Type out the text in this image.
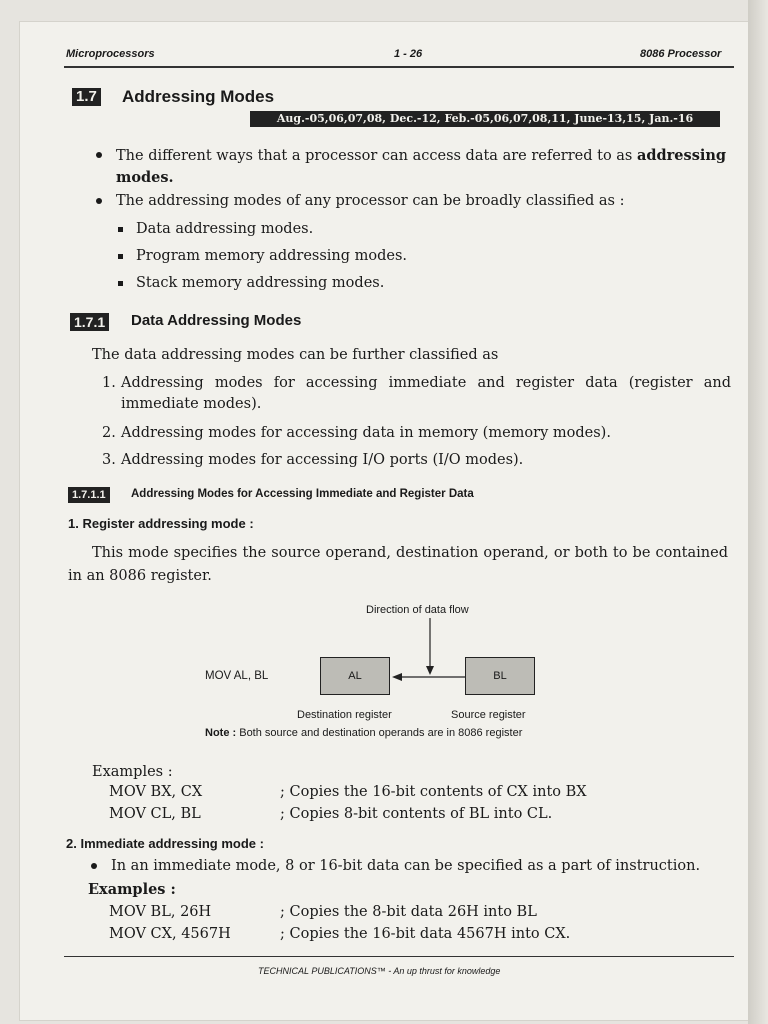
Microprocessors	1 - 26	8086 Processor
1.7 Addressing Modes
Aug.-05,06,07,08, Dec.-12, Feb.-05,06,07,08,11, June-13,15, Jan.-16
The different ways that a processor can access data are referred to as addressing
modes.
The addressing modes of any processor can be broadly classified as :
Data addressing modes.
Program memory addressing modes.
Stack memory addressing modes.
1.7.1 Data Addressing Modes
The data addressing modes can be further classified as
1. Addressing modes for accessing immediate and register data (register and
immediate modes).
2. Addressing modes for accessing data in memory (memory modes).
3. Addressing modes for accessing I/O ports (I/O modes).
1.7.1.1	Addressing Modes for Accessing Immediate and Register Data
1. Register addressing mode :
This mode specifies the source operand, destination operand, or both to be contained
in an 8086 register.
Direction of data flow
MOV AL, BL	AL	BL
Destination register	Source register
Note : Both source and destination operands are in 8086 register
Examples :
MOV BX, CX	; Copies the 16-bit contents of CX into BX
MOV CL, BL	; Copies 8-bit contents of BL into CL.
2. Immediate addressing mode :
In an immediate mode, 8 or 16-bit data can be specified as a part of instruction.
Examples :
MOV BL, 26H	; Copies the 8-bit data 26H into BL
MOV CX, 4567H	; Copies the 16-bit data 4567H into CX.
TECHNICAL PUBLICATIONS™ - An up thrust for knowledge
